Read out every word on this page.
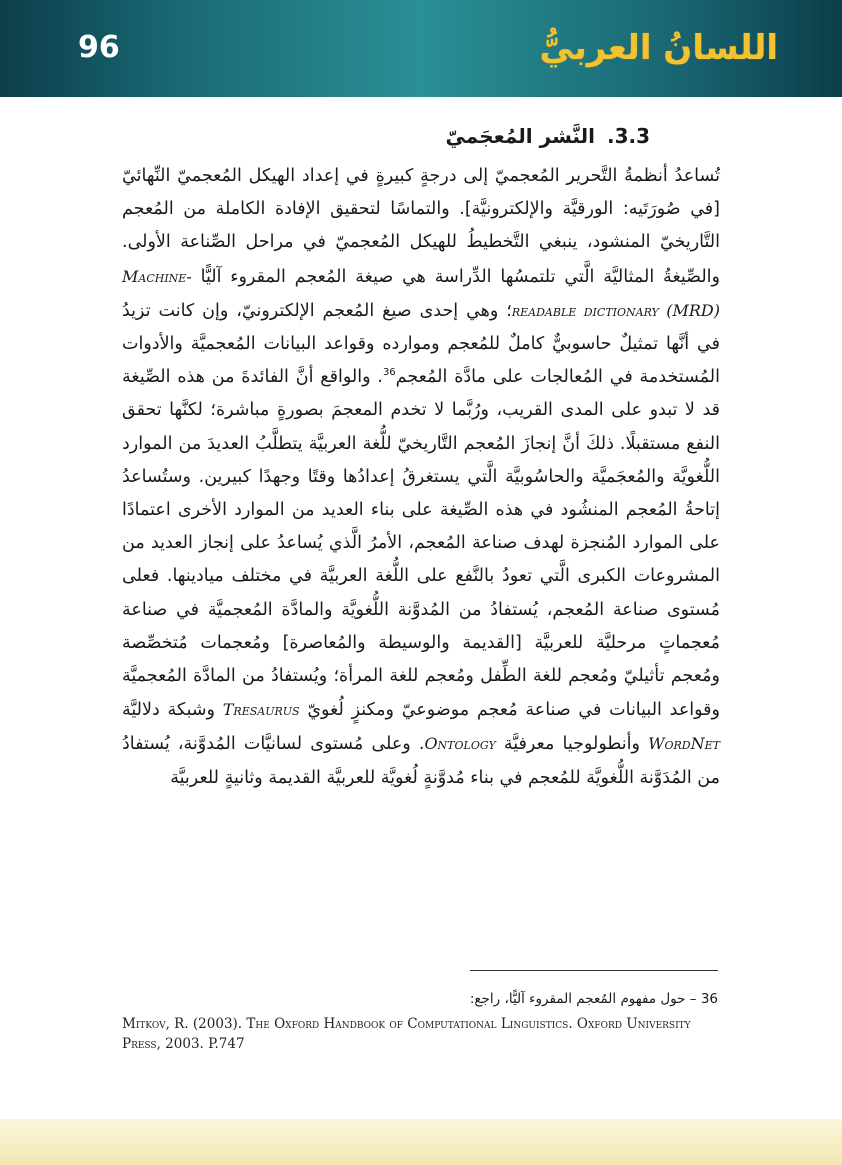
96	اللسانُ العربيُّ
3.3.النَّشر المُعجَميّ

تُساعدُ أنظمةُ التَّحرير المُعجميّ إلى درجةٍ كبيرةٍ في إعداد الهيكل المُعجميّ النِّهائيّ [في صُورَتَيه: الورقيَّة والإلكترونيَّة]. والتماسًا لتحقيق الإفادة الكاملة من المُعجم التَّاريخيّ المنشود، ينبغي التَّخطيطُ للهيكل المُعجميّ في مراحل الصِّناعة الأولى. والصِّيغةُ المثاليَّة الَّتي تلتمسُها الدِّراسة هي صيغة المُعجم المقروء آليًّا Machine-readable dictionary (MRD)؛ وهي إحدى صيغ المُعجم الإلكترونيّ، وإن كانت تزيدُ في أنَّها تمثيلٌ حاسوبيٌّ كاملٌ للمُعجم وموارده وقواعد البيانات المُعجميَّة والأدوات المُستخدمة في المُعالجات على مادَّة المُعجم$^{36}$. والواقع أنَّ الفائدةَ من هذه الصِّيغة قد لا تبدو على المدى القريب، ورُبَّما لا تخدم المعجمَ بصورةٍ مباشرة؛ لكنَّها تحقق النفع مستقبلًا. ذلكَ أنَّ إنجازَ المُعجم التَّاريخيّ للُّغة العربيَّة يتطلَّبُ العديدَ من الموارد اللُّغويَّة والمُعجَميَّة والحاسُوبيَّة الَّتي يستغرقُ إعدادُها وقتًا وجهدًا كبيرين. وستُساعدُ إتاحةُ المُعجم المنشُود في هذه الصِّيغة على بناء العديد من الموارد الأخرى اعتمادًا على الموارد المُنجزة لهدف صناعة المُعجم، الأمرُ الَّذي يُساعدُ على إنجاز العديد من المشروعات الكبرى الَّتي تعودُ بالنَّفع على اللُّغة العربيَّة في مختلف ميادينها. فعلى مُستوى صناعة المُعجم، يُستفادُ من المُدوَّنة اللُّغويَّة والمادَّة المُعجميَّة في صناعة مُعجماتٍ مرحليَّة للعربيَّة [القديمة والوسيطة والمُعاصرة] ومُعجمات مُتخصِّصة ومُعجم تأثيليّ ومُعجم للغة الطِّفل ومُعجم للغة المرأة؛ ويُستفادُ من المادَّة المُعجميَّة وقواعد البيانات في صناعة مُعجم موضوعيّ ومكنزٍ لُغويّ Tresaurus وشبكة دلاليَّة WordNet وأنطولوجيا معرفيَّة Ontology. وعلى مُستوى لسانيَّات المُدوَّنة، يُستفادُ من المُدَوَّنة اللُّغويَّة للمُعجم في بناء مُدوَّنةٍ لُغويَّة للعربيَّة القديمة وثانيةٍ للعربيَّة

36 – حول مفهوم المُعجم المقروء آليًّا، راجع:
Mitkov, R. (2003). The Oxford Handbook of Computational Linguistics. Oxford University Press, 2003. P.747
